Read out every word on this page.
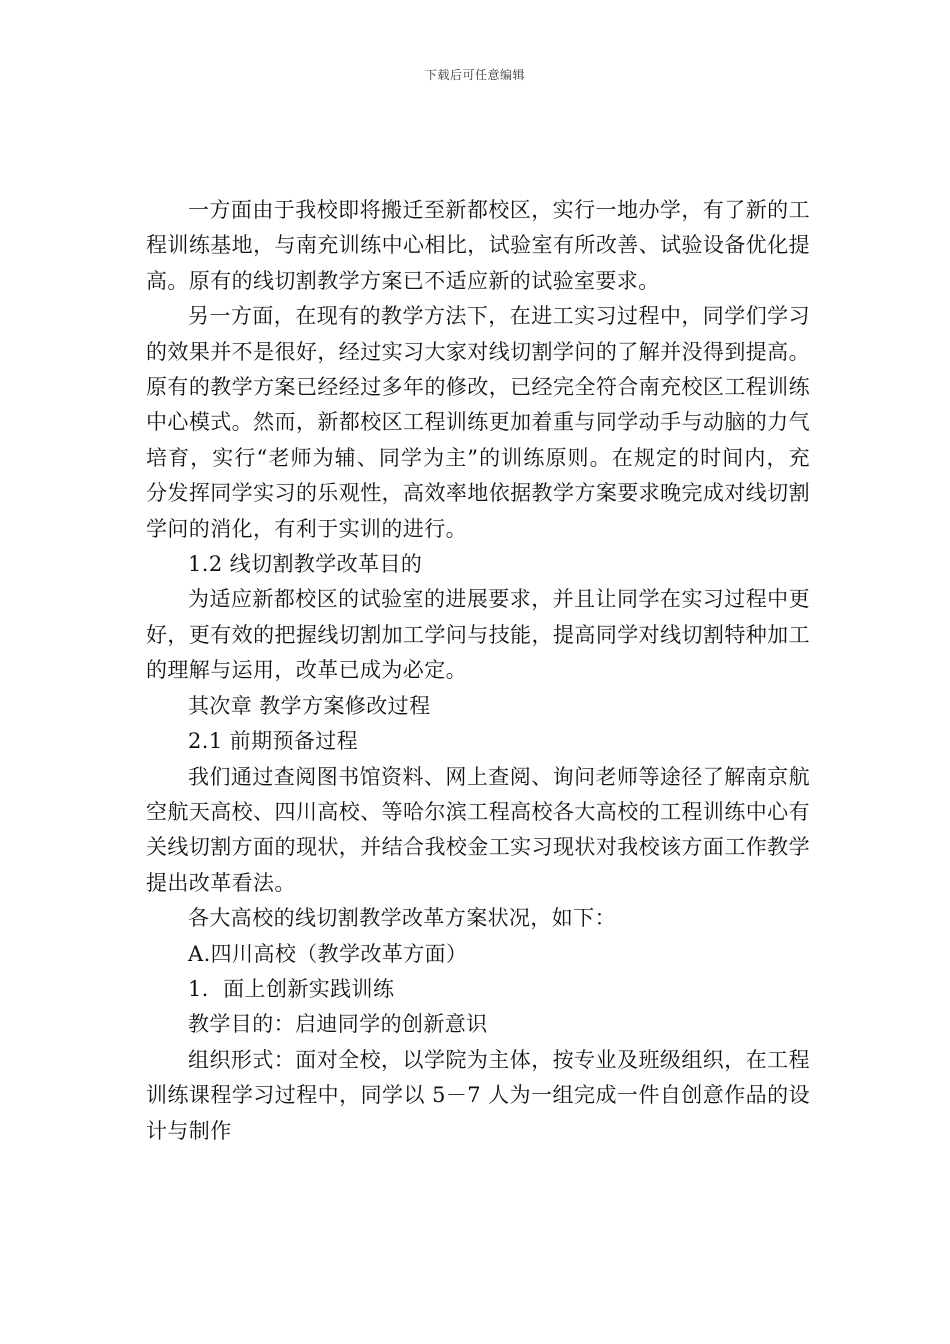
下载后可任意编辑

一方面由于我校即将搬迁至新都校区，实行一地办学，有了新的工程训练基地，与南充训练中心相比，试验室有所改善、试验设备优化提高。原有的线切割教学方案已不适应新的试验室要求。

另一方面，在现有的教学方法下，在进工实习过程中，同学们学习的效果并不是很好，经过实习大家对线切割学问的了解并没得到提高。原有的教学方案已经经过多年的修改，已经完全符合南充校区工程训练中心模式。然而，新都校区工程训练更加着重与同学动手与动脑的力气培育，实行“老师为辅、同学为主”的训练原则。在规定的时间内，充分发挥同学实习的乐观性，高效率地依据教学方案要求晚完成对线切割学问的消化，有利于实训的进行。

1.2 线切割教学改革目的

为适应新都校区的试验室的进展要求，并且让同学在实习过程中更好，更有效的把握线切割加工学问与技能，提高同学对线切割特种加工的理解与运用，改革已成为必定。

其次章 教学方案修改过程

2.1 前期预备过程

我们通过查阅图书馆资料、网上查阅、询问老师等途径了解南京航空航天高校、四川高校、等哈尔滨工程高校各大高校的工程训练中心有关线切割方面的现状，并结合我校金工实习现状对我校该方面工作教学提出改革看法。

各大高校的线切割教学改革方案状况，如下：

A.四川高校（教学改革方面）

1．面上创新实践训练

教学目的：启迪同学的创新意识

组织形式：面对全校，以学院为主体，按专业及班级组织，在工程训练课程学习过程中，同学以 5－7 人为一组完成一件自创意作品的设计与制作
